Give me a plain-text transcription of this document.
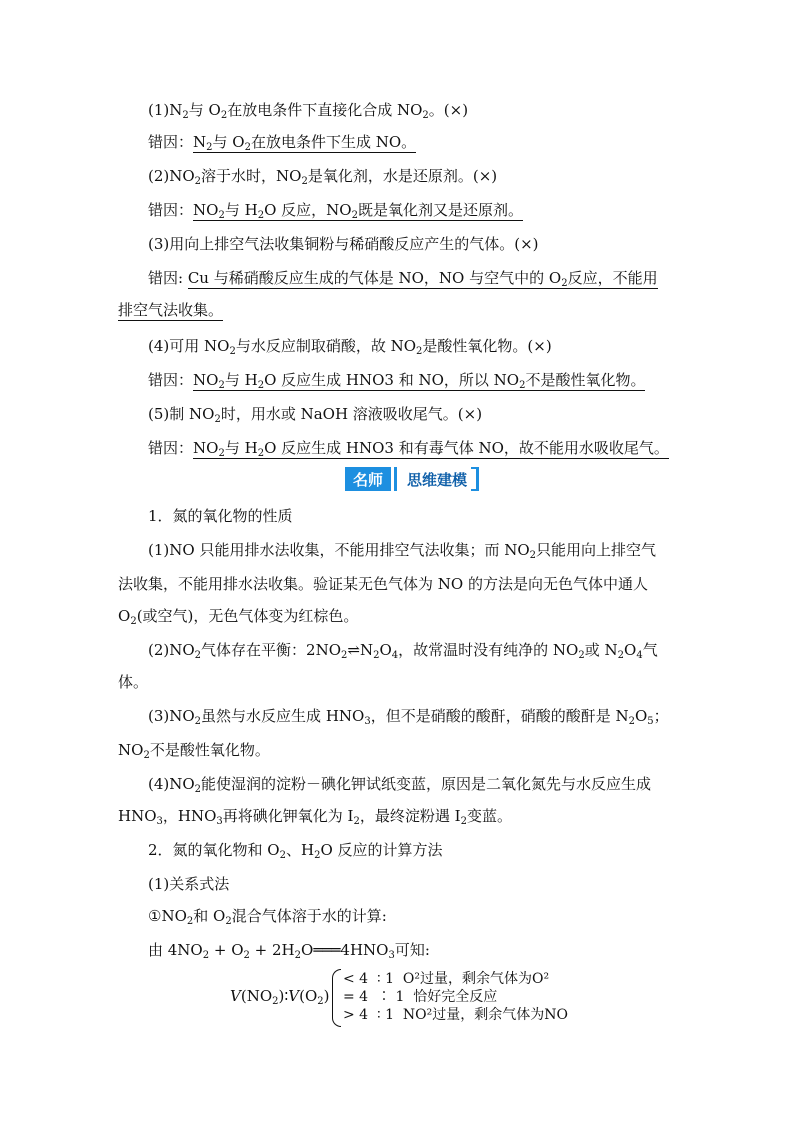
$(1)N_2$与 $O_2$在放电条件下直接化合成 $NO_2$。(×)
错因：$N_2$与 $O_2$在放电条件下生成 NO。
$(2)NO_2$溶于水时，$NO_2$是氧化剂，水是还原剂。(×)
错因：$NO_2$与 $H_2O$ 反应，$NO_2$既是氧化剂又是还原剂。
(3)用向上排空气法收集铜粉与稀硝酸反应产生的气体。(×)
错因: Cu 与稀硝酸反应生成的气体是 NO，NO 与空气中的 $O_2$反应，不能用
排空气法收集。
(4)可用 $NO_2$与水反应制取硝酸，故 $NO_2$是酸性氧化物。(×)
错因：$NO_2$与 $H_2O$ 反应生成 HNO3 和 NO，所以 $NO_2$不是酸性氧化物。
(5)制 $NO_2$时，用水或 NaOH 溶液吸收尾气。(×)
错因：$NO_2$与 $H_2O$ 反应生成 HNO3 和有毒气体 NO，故不能用水吸收尾气。
名师	思维建模
1．氮的氧化物的性质
(1)NO 只能用排水法收集，不能用排空气法收集；而 $NO_2$只能用向上排空气
法收集，不能用排水法收集。验证某无色气体为 NO 的方法是向无色气体中通人
$O_2$(或空气)，无色气体变为红棕色。
$(2)NO_2$气体存在平衡：$2NO_2\rightleftharpoons N_2O_4$，故常温时没有纯净的 $NO_2$或 $N_2O_4$气
体。
$(3)NO_2$虽然与水反应生成 $HNO_3$，但不是硝酸的酸酐，硝酸的酸酐是 $N_2O_5$；
$NO_2$不是酸性氧化物。
$(4)NO_2$能使湿润的淀粉－碘化钾试纸变蓝，原因是二氧化氮先与水反应生成
$HNO_3$，$HNO_3$再将碘化钾氧化为 $I_2$，最终淀粉遇 $I_2$变蓝。
2．氮的氧化物和 $O_2$、$H_2O$ 反应的计算方法
(1)关系式法
$①NO_2$和 $O_2$混合气体溶于水的计算:
由 $4NO_2 + O_2$ + $2H_2O═══4HNO_3$可知:
$V(NO_2)∶V(O_2)$
< 4 ∶ 1 O²过量，剩余气体为O²
= 4 ∶ 1 恰好完全反应
> 4 ∶ 1 NO²过量，剩余气体为NO
